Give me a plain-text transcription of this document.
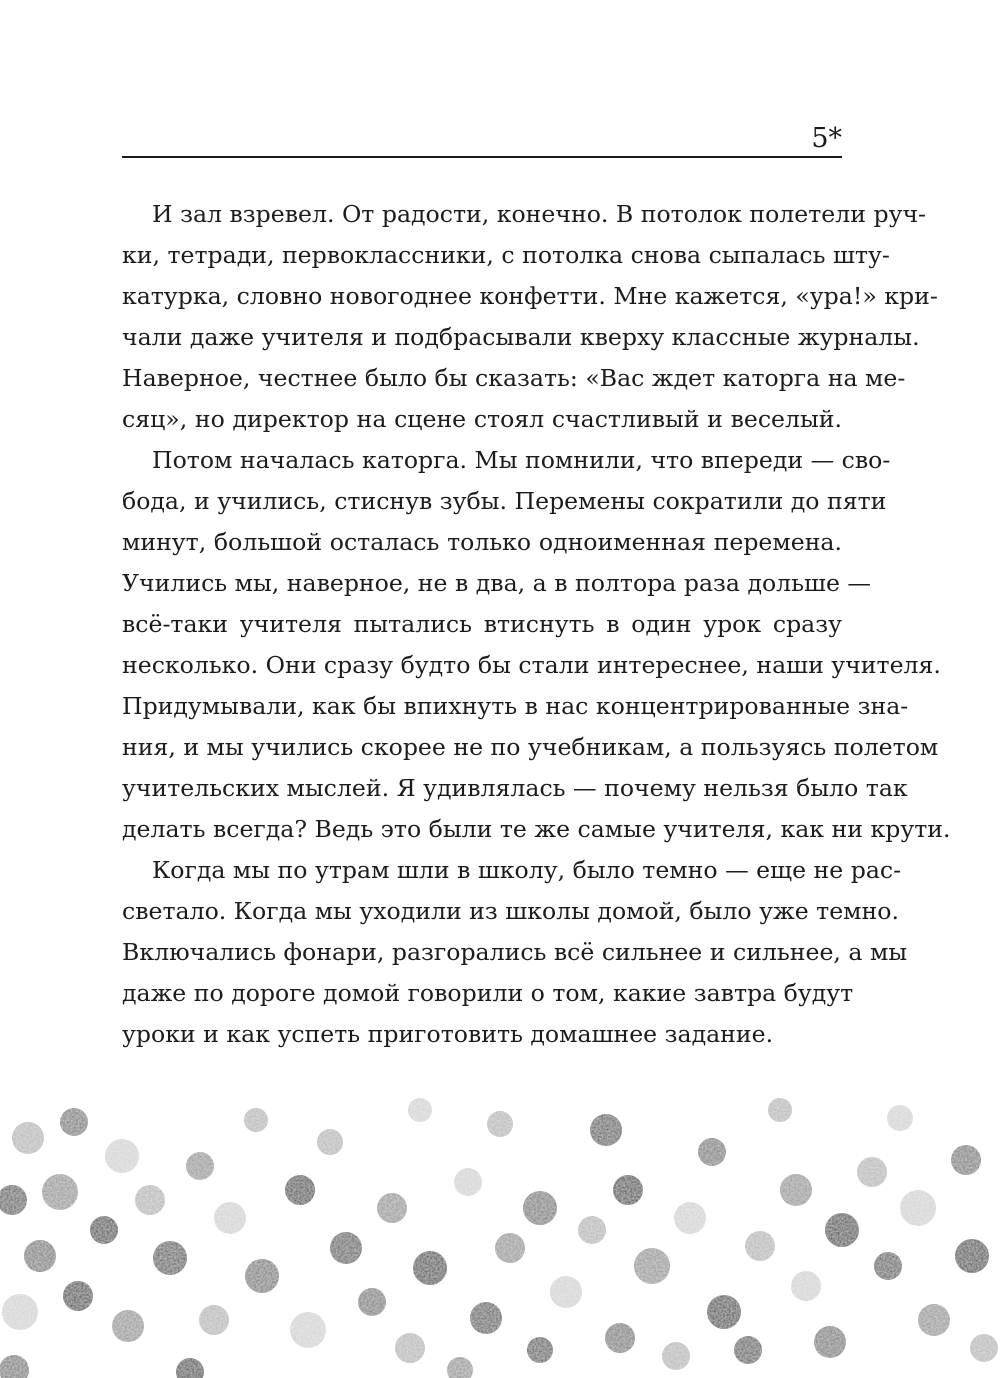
5*
И зал взревел. От радости, конечно. В потолок полетели руч-
ки, тетради, первоклассники, с потолка снова сыпалась шту-
катурка, словно новогоднее конфетти. Мне кажется, «ура!» кри-
чали даже учителя и подбрасывали кверху классные журналы.
Наверное, честнее было бы сказать: «Вас ждет каторга на ме-
сяц», но директор на сцене стоял счастливый и веселый.
Потом началась каторга. Мы помнили, что впереди — сво-
бода, и учились, стиснув зубы. Перемены сократили до пяти
минут, большой осталась только одноименная перемена.
Учились мы, наверное, не в два, а в полтора раза дольше —
всё-таки учителя пытались втиснуть в один урок сразу
несколько. Они сразу будто бы стали интереснее, наши учителя.
Придумывали, как бы впихнуть в нас концентрированные зна-
ния, и мы учились скорее не по учебникам, а пользуясь полетом
учительских мыслей. Я удивлялась — почему нельзя было так
делать всегда? Ведь это были те же самые учителя, как ни крути.
Когда мы по утрам шли в школу, было темно — еще не рас-
светало. Когда мы уходили из школы домой, было уже темно.
Включались фонари, разгорались всё сильнее и сильнее, а мы
даже по дороге домой говорили о том, какие завтра будут
уроки и как успеть приготовить домашнее задание.
